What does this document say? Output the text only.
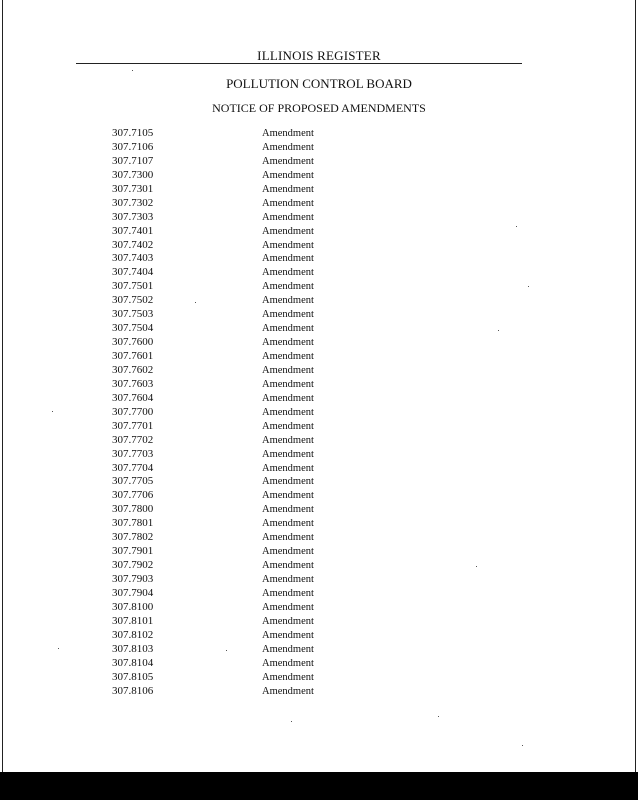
ILLINOIS REGISTER
POLLUTION CONTROL BOARD
NOTICE OF PROPOSED AMENDMENTS
307.7105	Amendment
307.7106	Amendment
307.7107	Amendment
307.7300	Amendment
307.7301	Amendment
307.7302	Amendment
307.7303	Amendment
307.7401	Amendment
307.7402	Amendment
307.7403	Amendment
307.7404	Amendment
307.7501	Amendment
307.7502	Amendment
307.7503	Amendment
307.7504	Amendment
307.7600	Amendment
307.7601	Amendment
307.7602	Amendment
307.7603	Amendment
307.7604	Amendment
307.7700	Amendment
307.7701	Amendment
307.7702	Amendment
307.7703	Amendment
307.7704	Amendment
307.7705	Amendment
307.7706	Amendment
307.7800	Amendment
307.7801	Amendment
307.7802	Amendment
307.7901	Amendment
307.7902	Amendment
307.7903	Amendment
307.7904	Amendment
307.8100	Amendment
307.8101	Amendment
307.8102	Amendment
307.8103	Amendment
307.8104	Amendment
307.8105	Amendment
307.8106	Amendment
